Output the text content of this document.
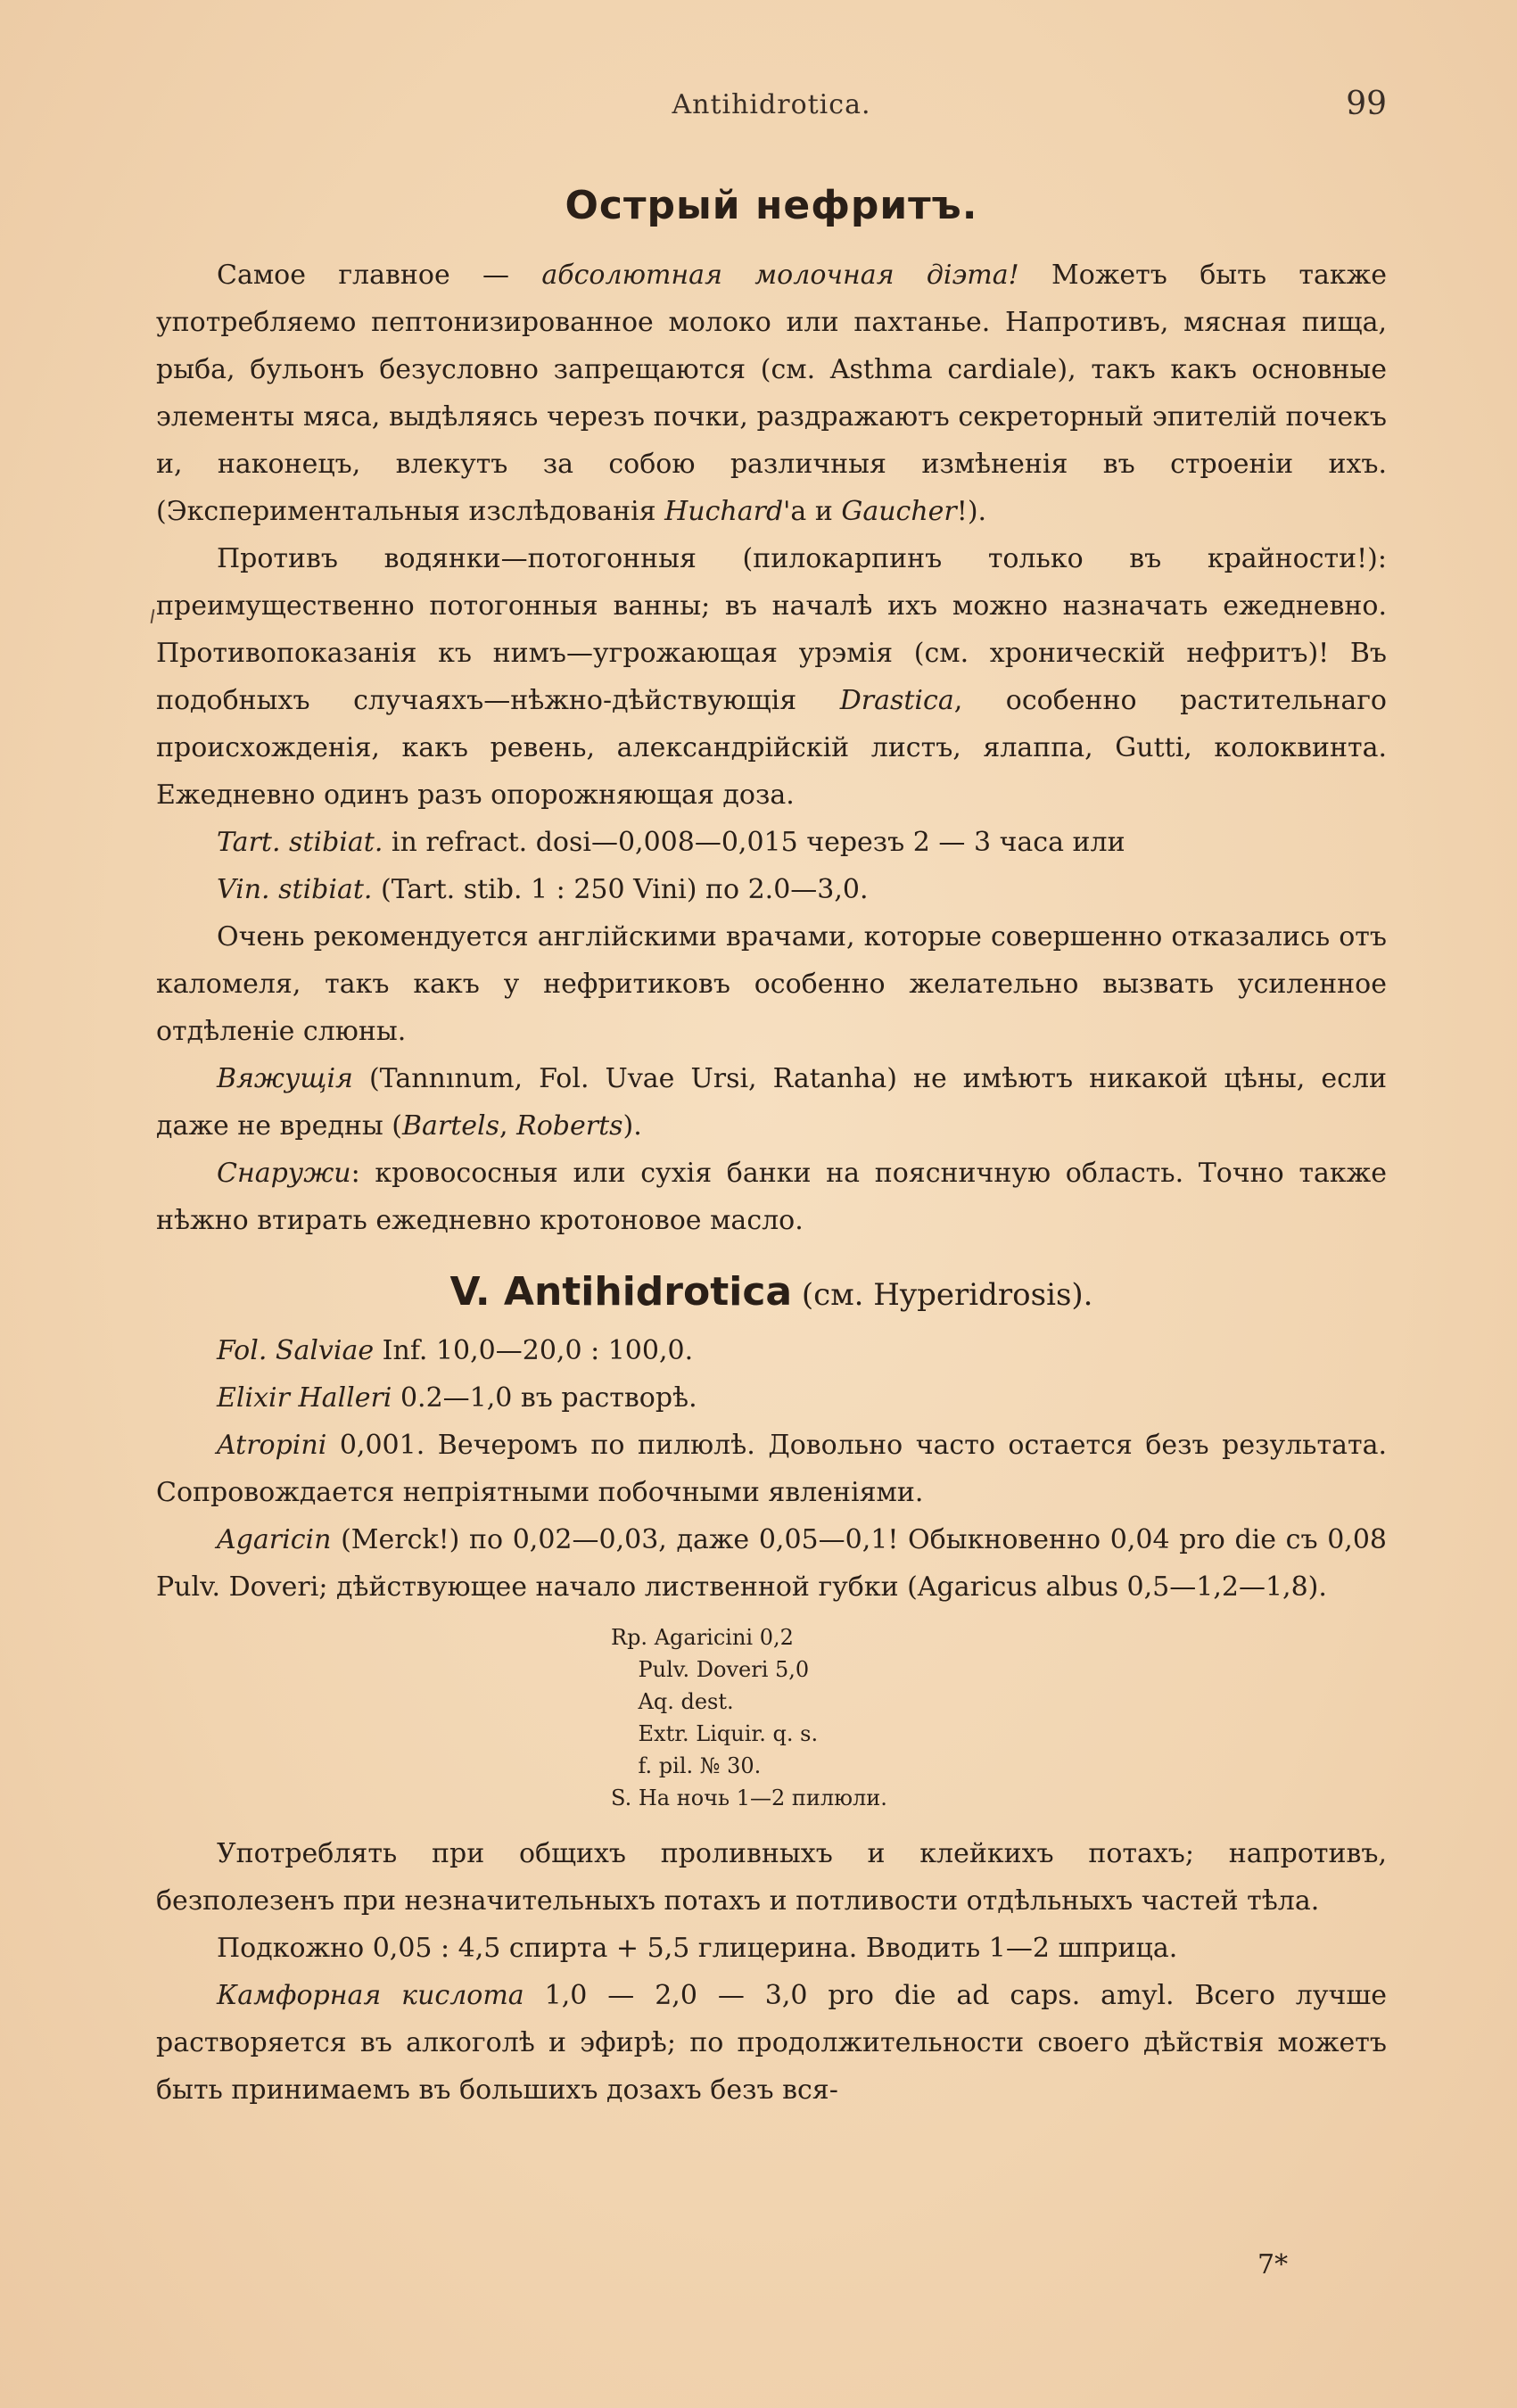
Antihidrotica.	99
Острый нефритъ.

Самое главное — абсолютная молочная діэта! Можетъ быть также употребляемо пептонизированное молоко или пахтанье. Напротивъ, мясная пища, рыба, бульонъ безусловно запрещаются (см. Asthma cardiale), такъ какъ основные элементы мяса, выдѣляясь черезъ почки, раздражаютъ секреторный эпителій почекъ и, наконецъ, влекутъ за собою различныя измѣненія въ строеніи ихъ. (Экспериментальныя изслѣдованія Huchard'а и Gaucher!).

Противъ водянки—потогонныя (пилокарпинъ только въ крайности!): преимущественно потогонныя ванны; въ началѣ ихъ можно назначать ежедневно. Противопоказанія къ нимъ—угрожающая урэмія (см. хроническій нефритъ)! Въ подобныхъ случаяхъ—нѣжно-дѣйствующія Drastica, особенно растительнаго происхожденія, какъ ревень, александрійскій листъ, ялаппа, Gutti, колоквинта. Ежедневно одинъ разъ опорожняющая доза.

Tart. stibiat. in refract. dosi—0,008—0,015 черезъ 2 — 3 часа или

Vin. stibiat. (Tart. stib. 1 : 250 Vini) по 2.0—3,0.

Очень рекомендуется англійскими врачами, которые совершенно отказались отъ каломеля, такъ какъ у нефритиковъ особенно желательно вызвать усиленное отдѣленіе слюны.

Вяжущія (Tannınum, Fol. Uvae Ursi, Ratanha) не имѣютъ никакой цѣны, если даже не вредны (Bartels, Roberts).

Снаружи: кровососныя или сухія банки на поясничную область. Точно также нѣжно втирать ежедневно кротоновое масло.

V. Antihidrotica (см. Hyperidrosis).

Fol. Salviae Inf. 10,0—20,0 : 100,0.

Elixir Halleri 0.2—1,0 въ растворѣ.

Atropini 0,001. Вечеромъ по пилюлѣ. Довольно часто остается безъ результата. Сопровождается непріятными побочными явленіями.

Agaricin (Merck!) по 0,02—0,03, даже 0,05—0,1! Обыкновенно 0,04 pro die съ 0,08 Pulv. Doveri; дѣйствующее начало лиственной губки (Agaricus albus 0,5—1,2—1,8).

Rp. Agaricini 0,2
Pulv. Doveri 5,0
Aq. dest.
Extr. Liquir. q. s.
f. pil. № 30.
S. На ночь 1—2 пилюли.

Употреблять при общихъ проливныхъ и клейкихъ потахъ; напротивъ, безполезенъ при незначительныхъ потахъ и потливости отдѣльныхъ частей тѣла.

Подкожно 0,05 : 4,5 спирта + 5,5 глицерина. Вводить 1—2 шприца.

Камфорная кислота 1,0 — 2,0 — 3,0 pro die ad caps. amyl. Всего лучше растворяется въ алкоголѣ и эфирѣ; по продолжительности своего дѣйствія можетъ быть принимаемъ въ большихъ дозахъ безъ вся-

7*
